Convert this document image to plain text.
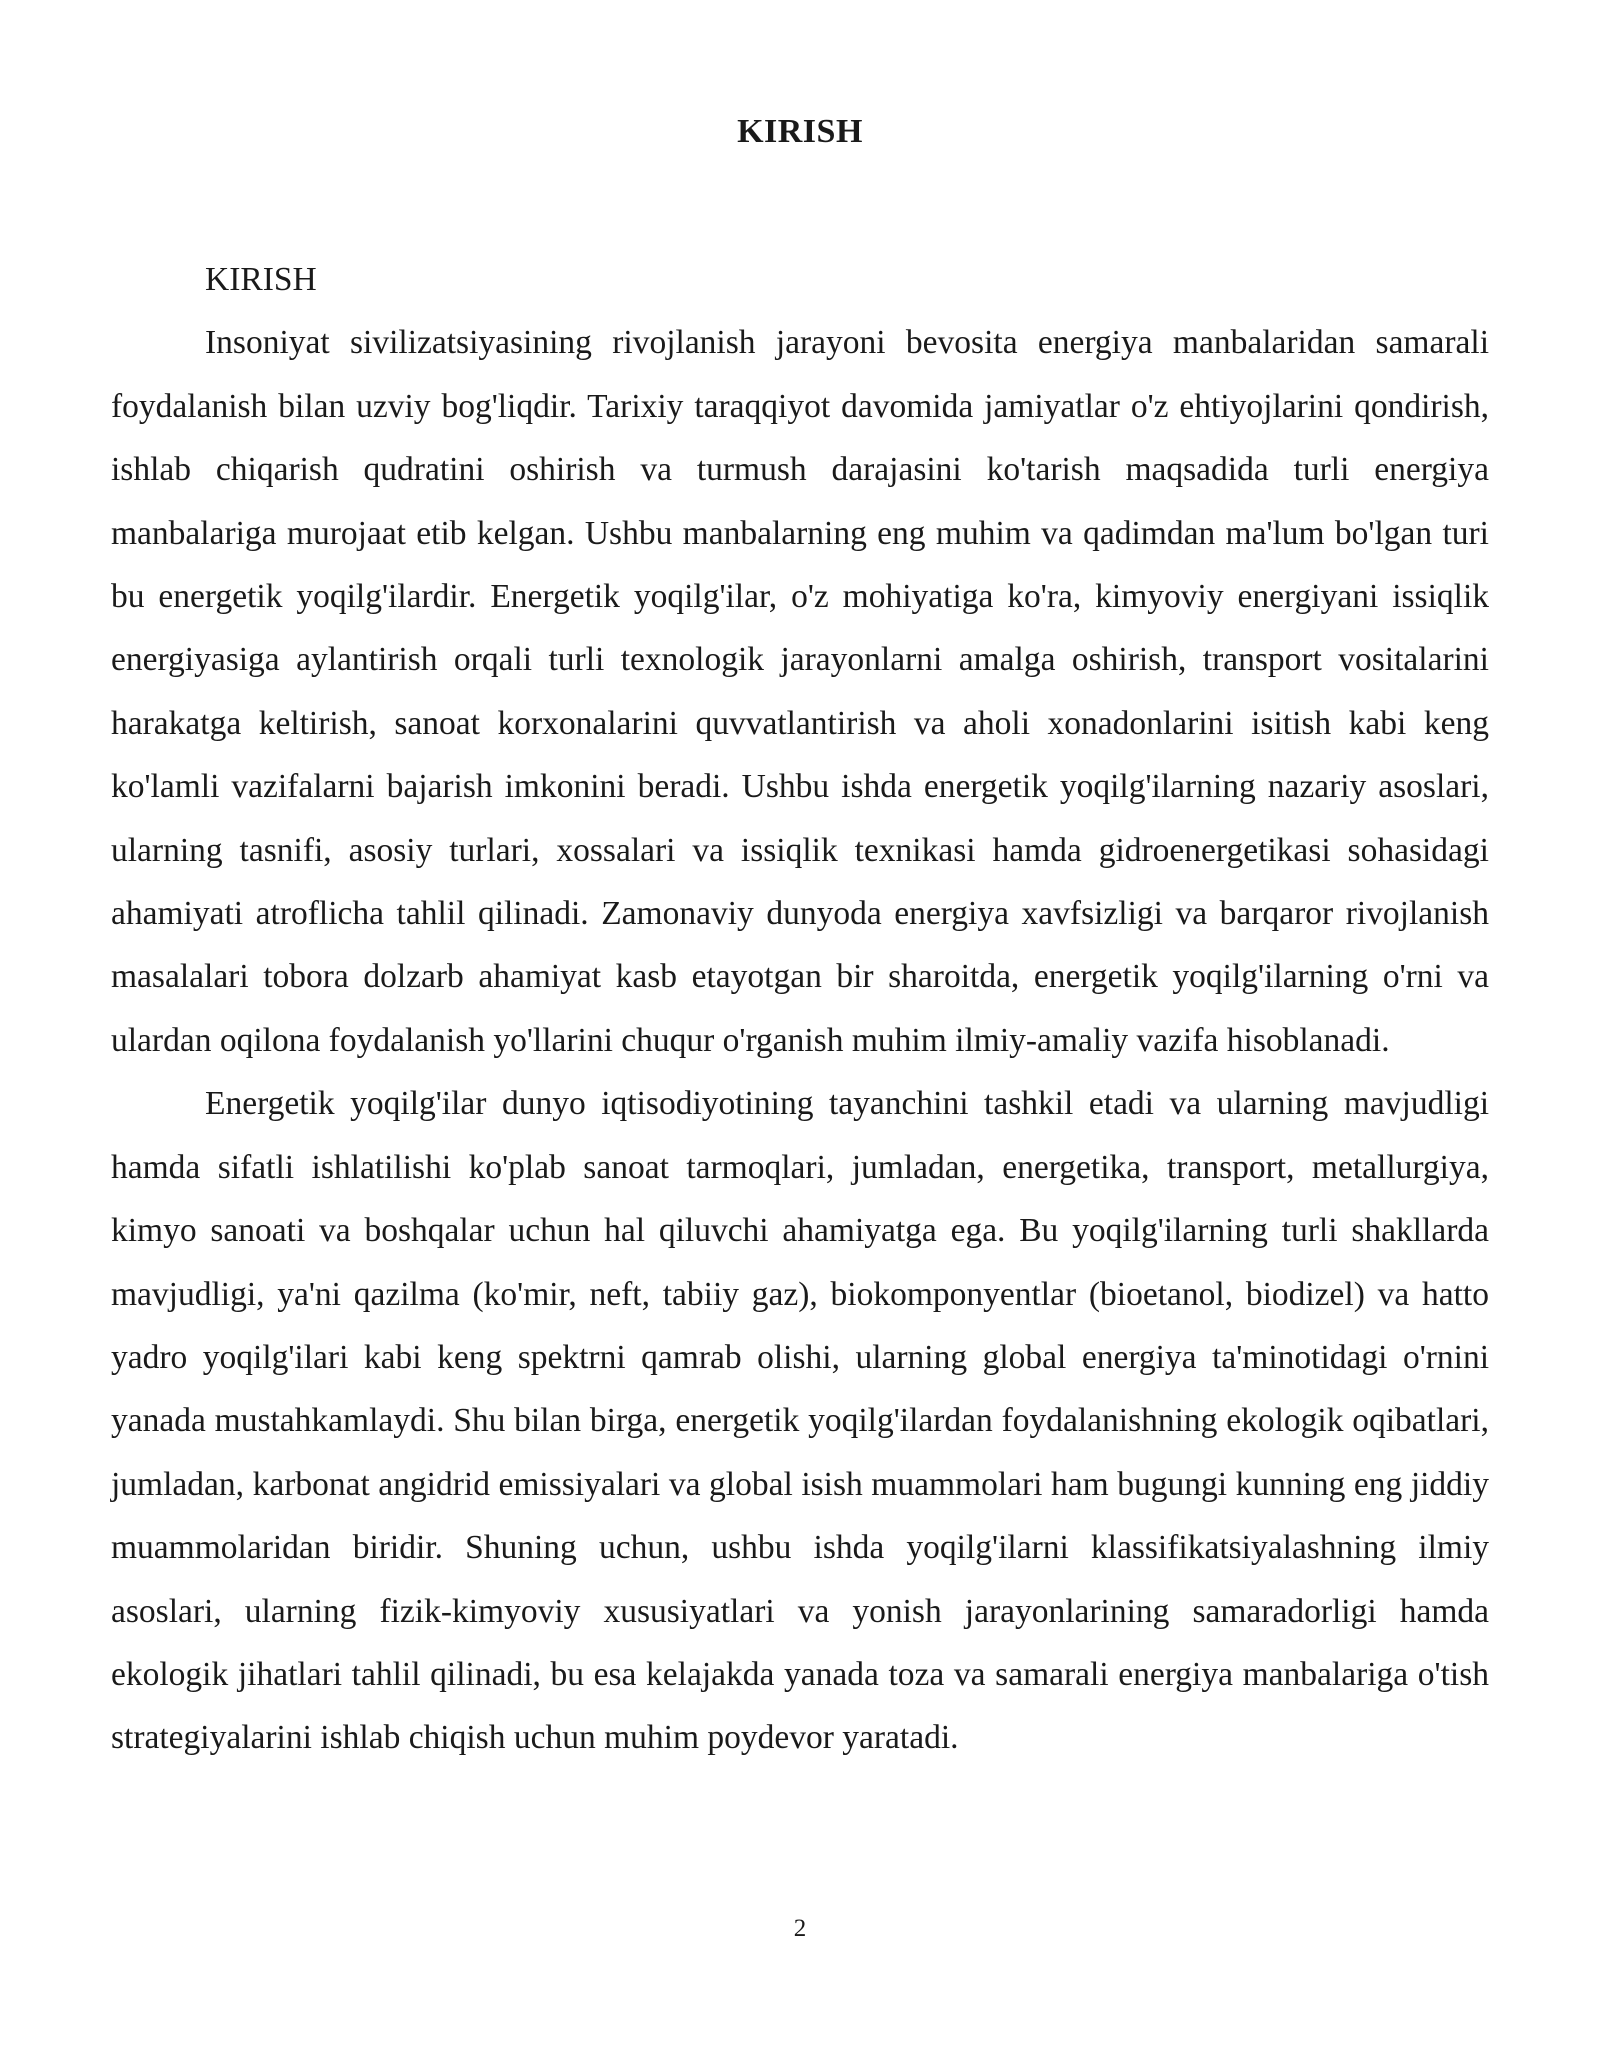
KIRISH

KIRISH

Insoniyat sivilizatsiyasining rivojlanish jarayoni bevosita energiya manbalaridan samarali foydalanish bilan uzviy bog'liqdir. Tarixiy taraqqiyot davomida jamiyatlar o'z ehtiyojlarini qondirish, ishlab chiqarish qudratini oshirish va turmush darajasini ko'tarish maqsadida turli energiya manbalariga murojaat etib kelgan. Ushbu manbalarning eng muhim va qadimdan ma'lum bo'lgan turi bu energetik yoqilg'ilardir. Energetik yoqilg'ilar, o'z mohiyatiga ko'ra, kimyoviy energiyani issiqlik energiyasiga aylantirish orqali turli texnologik jarayonlarni amalga oshirish, transport vositalarini harakatga keltirish, sanoat korxonalarini quvvatlantirish va aholi xonadonlarini isitish kabi keng ko'lamli vazifalarni bajarish imkonini beradi. Ushbu ishda energetik yoqilg'ilarning nazariy asoslari, ularning tasnifi, asosiy turlari, xossalari va issiqlik texnikasi hamda gidroenergetikasi sohasidagi ahamiyati atroflicha tahlil qilinadi. Zamonaviy dunyoda energiya xavfsizligi va barqaror rivojlanish masalalari tobora dolzarb ahamiyat kasb etayotgan bir sharoitda, energetik yoqilg'ilarning o'rni va ulardan oqilona foydalanish yo'llarini chuqur o'rganish muhim ilmiy-amaliy vazifa hisoblanadi.

Energetik yoqilg'ilar dunyo iqtisodiyotining tayanchini tashkil etadi va ularning mavjudligi hamda sifatli ishlatilishi ko'plab sanoat tarmoqlari, jumladan, energetika, transport, metallurgiya, kimyo sanoati va boshqalar uchun hal qiluvchi ahamiyatga ega. Bu yoqilg'ilarning turli shakllarda mavjudligi, ya'ni qazilma (ko'mir, neft, tabiiy gaz), biokomponyentlar (bioetanol, biodizel) va hatto yadro yoqilg'ilari kabi keng spektrni qamrab olishi, ularning global energiya ta'minotidagi o'rnini yanada mustahkamlaydi. Shu bilan birga, energetik yoqilg'ilardan foydalanishning ekologik oqibatlari, jumladan, karbonat angidrid emissiyalari va global isish muammolari ham bugungi kunning eng jiddiy muammolaridan biridir. Shuning uchun, ushbu ishda yoqilg'ilarni klassifikatsiyalashning ilmiy asoslari, ularning fizik-kimyoviy xususiyatlari va yonish jarayonlarining samaradorligi hamda ekologik jihatlari tahlil qilinadi, bu esa kelajakda yanada toza va samarali energiya manbalariga o'tish strategiyalarini ishlab chiqish uchun muhim poydevor yaratadi.

2
